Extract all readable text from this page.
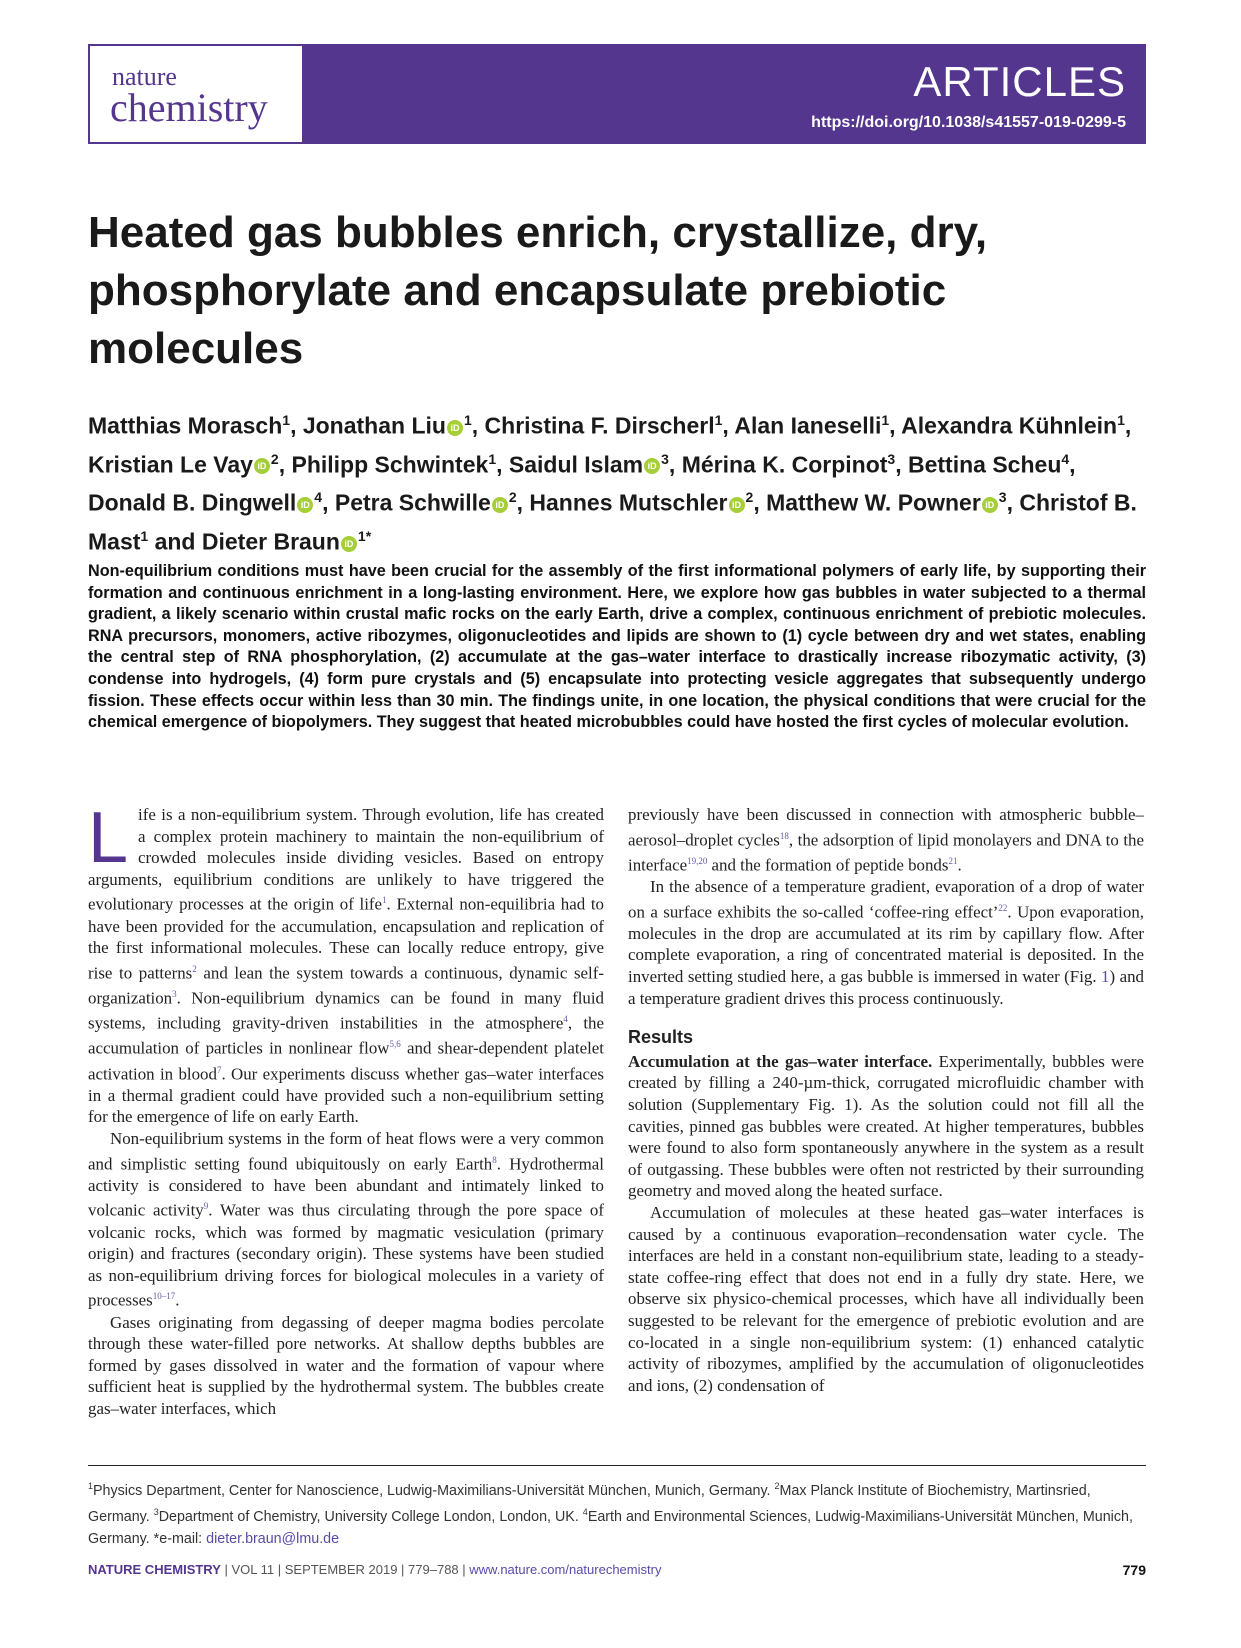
nature
chemistry
ARTICLES
https://doi.org/10.1038/s41557-019-0299-5
Heated gas bubbles enrich, crystallize, dry, phosphorylate and encapsulate prebiotic molecules
Matthias Morasch$^1$, Jonathan Liu iD $^1$, Christina F. Dirscherl$^1$, Alan Ianeselli$^1$, Alexandra Kühnlein$^1$, Kristian Le Vay iD $^2$, Philipp Schwintek$^1$, Saidul Islam iD $^3$, Mérina K. Corpinot$^3$, Bettina Scheu$^4$, Donald B. Dingwell iD $^4$, Petra Schwille iD $^2$, Hannes Mutschler iD $^2$, Matthew W. Powner iD $^3$, Christof B. Mast$^1$ and Dieter Braun iD $^{1*}$

Non-equilibrium conditions must have been crucial for the assembly of the first informational polymers of early life, by supporting their formation and continuous enrichment in a long-lasting environment. Here, we explore how gas bubbles in water subjected to a thermal gradient, a likely scenario within crustal mafic rocks on the early Earth, drive a complex, continuous enrichment of prebiotic molecules. RNA precursors, monomers, active ribozymes, oligonucleotides and lipids are shown to (1) cycle between dry and wet states, enabling the central step of RNA phosphorylation, (2) accumulate at the gas–water interface to drastically increase ribozymatic activity, (3) condense into hydrogels, (4) form pure crystals and (5) encapsulate into protecting vesicle aggregates that subsequently undergo fission. These effects occur within less than 30 min. The findings unite, in one location, the physical conditions that were crucial for the chemical emergence of biopolymers. They suggest that heated microbubbles could have hosted the first cycles of molecular evolution.

L ife is a non-equilibrium system. Through evolution, life has created a complex protein machinery to maintain the non-equilibrium of crowded molecules inside dividing vesicles. Based on entropy arguments, equilibrium conditions are unlikely to have triggered the evolutionary processes at the origin of life$^1$. External non-equilibria had to have been provided for the accumulation, encapsulation and replication of the first informational molecules. These can locally reduce entropy, give rise to patterns$^2$ and lean the system towards a continuous, dynamic self-organization$^3$. Non-equilibrium dynamics can be found in many fluid systems, including gravity-driven instabilities in the atmosphere$^4$, the accumulation of particles in nonlinear flow$^{5,6}$ and shear-dependent platelet activation in blood$^7$. Our experiments discuss whether gas–water interfaces in a thermal gradient could have provided such a non-equilibrium setting for the emergence of life on early Earth.

Non-equilibrium systems in the form of heat flows were a very common and simplistic setting found ubiquitously on early Earth$^8$. Hydrothermal activity is considered to have been abundant and intimately linked to volcanic activity$^9$. Water was thus circulating through the pore space of volcanic rocks, which was formed by magmatic vesiculation (primary origin) and fractures (secondary origin). These systems have been studied as non-equilibrium driving forces for biological molecules in a variety of processes$^{10-17}$.

Gases originating from degassing of deeper magma bodies percolate through these water-filled pore networks. At shallow depths bubbles are formed by gases dissolved in water and the formation of vapour where sufficient heat is supplied by the hydrothermal system. The bubbles create gas–water interfaces, which

previously have been discussed in connection with atmospheric bubble–aerosol–droplet cycles$^{18}$, the adsorption of lipid monolayers and DNA to the interface$^{19,20}$ and the formation of peptide bonds$^{21}$.

In the absence of a temperature gradient, evaporation of a drop of water on a surface exhibits the so-called ‘coffee-ring effect’$^{22}$. Upon evaporation, molecules in the drop are accumulated at its rim by capillary flow. After complete evaporation, a ring of concentrated material is deposited. In the inverted setting studied here, a gas bubble is immersed in water (Fig. 1) and a temperature gradient drives this process continuously.

Results

Accumulation at the gas–water interface. Experimentally, bubbles were created by filling a 240-µm-thick, corrugated microfluidic chamber with solution (Supplementary Fig. 1). As the solution could not fill all the cavities, pinned gas bubbles were created. At higher temperatures, bubbles were found to also form spontaneously anywhere in the system as a result of outgassing. These bubbles were often not restricted by their surrounding geometry and moved along the heated surface.

Accumulation of molecules at these heated gas–water interfaces is caused by a continuous evaporation–recondensation water cycle. The interfaces are held in a constant non-equilibrium state, leading to a steady-state coffee-ring effect that does not end in a fully dry state. Here, we observe six physico-chemical processes, which have all individually been suggested to be relevant for the emergence of prebiotic evolution and are co-located in a single non-equilibrium system: (1) enhanced catalytic activity of ribozymes, amplified by the accumulation of oligonucleotides and ions, (2) condensation of

$^1$Physics Department, Center for Nanoscience, Ludwig-Maximilians-Universität München, Munich, Germany. $^2$Max Planck Institute of Biochemistry, Martinsried, Germany. $^3$Department of Chemistry, University College London, London, UK. $^4$Earth and Environmental Sciences, Ludwig-Maximilians-Universität München, Munich, Germany. *e-mail: dieter.braun@lmu.de
NATURE CHEMISTRY | VOL 11 | SEPTEMBER 2019 | 779–788 | www.nature.com/naturechemistry	779
